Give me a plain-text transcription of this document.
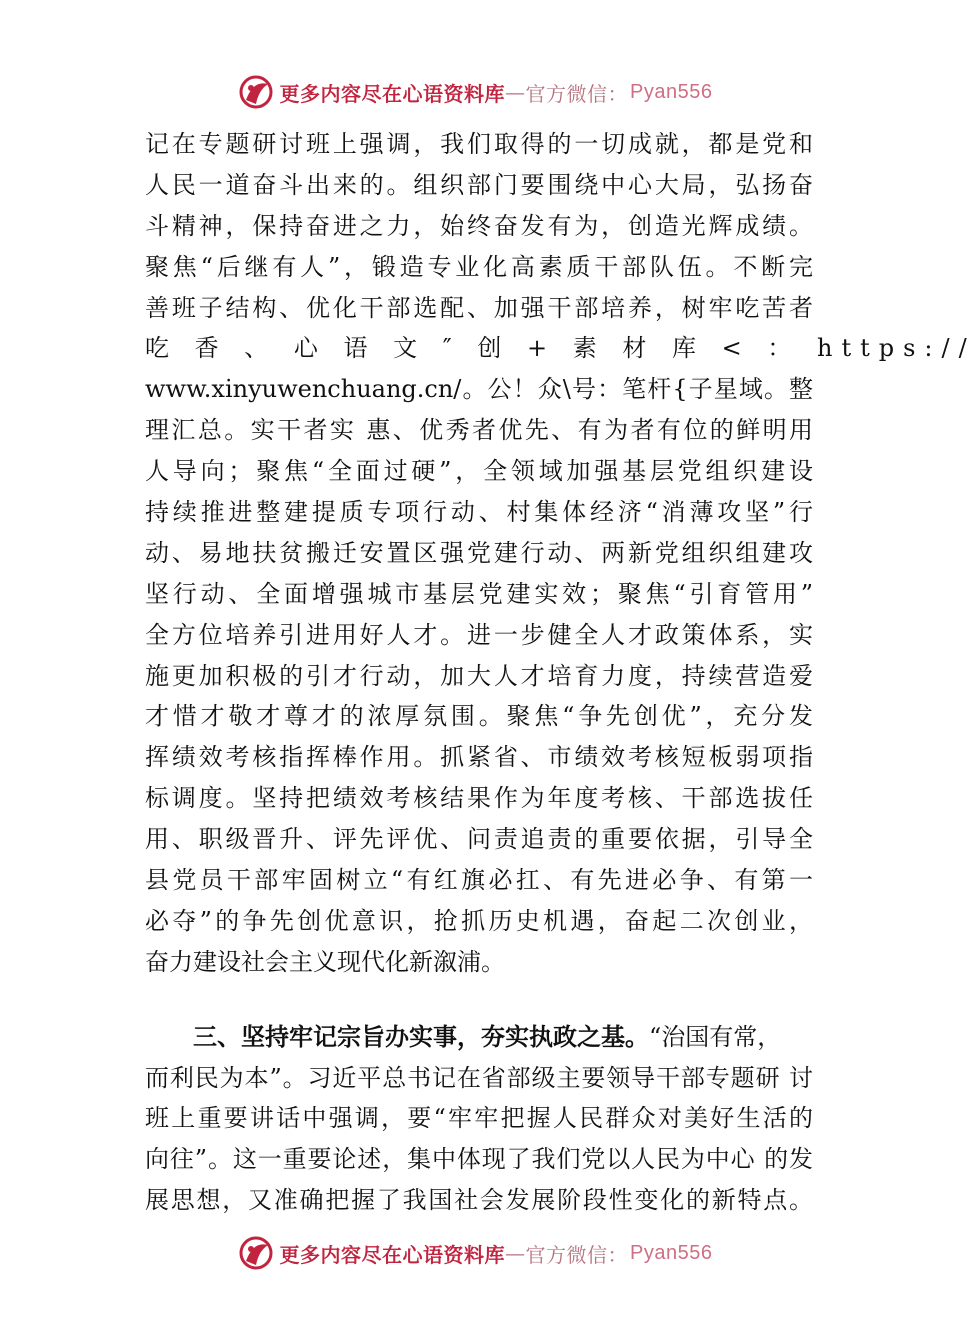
更多内容尽在心语资料库 — 官方微信： Pyan556
记在专题研讨班上强调，我们取得的一切成就，都是党和
人民一道奋斗出来的。组织部门要围绕中心大局，弘扬奋
斗精神，保持奋进之力，始终奋发有为，创造光辉成绩。
聚焦“后继有人”，锻造专业化高素质干部队伍。不断完
善班子结构、优化干部选配、加强干部培养，树牢吃苦者
吃 香 、 心 语 文 ″ 创 + 素 材 库 < ： https://
www.xinyuwenchuang.cn/。公！众\号：笔杆{子星域。整
理汇总。实干者实 惠、优秀者优先、有为者有位的鲜明用
人导向；聚焦“全面过硬”，全领域加强基层党组织建设
持续推进整建提质专项行动、村集体经济“消薄攻坚”行
动、易地扶贫搬迁安置区强党建行动、两新党组织组建攻
坚行动、全面增强城市基层党建实效；聚焦“引育管用”
全方位培养引进用好人才。进一步健全人才政策体系，实
施更加积极的引才行动，加大人才培育力度，持续营造爱
才惜才敬才尊才的浓厚氛围。聚焦“争先创优”，充分发
挥绩效考核指挥棒作用。抓紧省、市绩效考核短板弱项指
标调度。坚持把绩效考核结果作为年度考核、干部选拔任
用、职级晋升、评先评优、问责追责的重要依据，引导全
县党员干部牢固树立“有红旗必扛、有先进必争、有第一
必夺”的争先创优意识，抢抓历史机遇，奋起二次创业，
奋力建设社会主义现代化新溆浦。
三、坚持牢记宗旨办实事，夯实执政之基。“治国有常，
而利民为本”。习近平总书记在省部级主要领导干部专题研 讨
班上重要讲话中强调，要“牢牢把握人民群众对美好生活的
向往”。这一重要论述，集中体现了我们党以人民为中心 的发
展思想，又准确把握了我国社会发展阶段性变化的新特点。
更多内容尽在心语资料库 — 官方微信： Pyan556
